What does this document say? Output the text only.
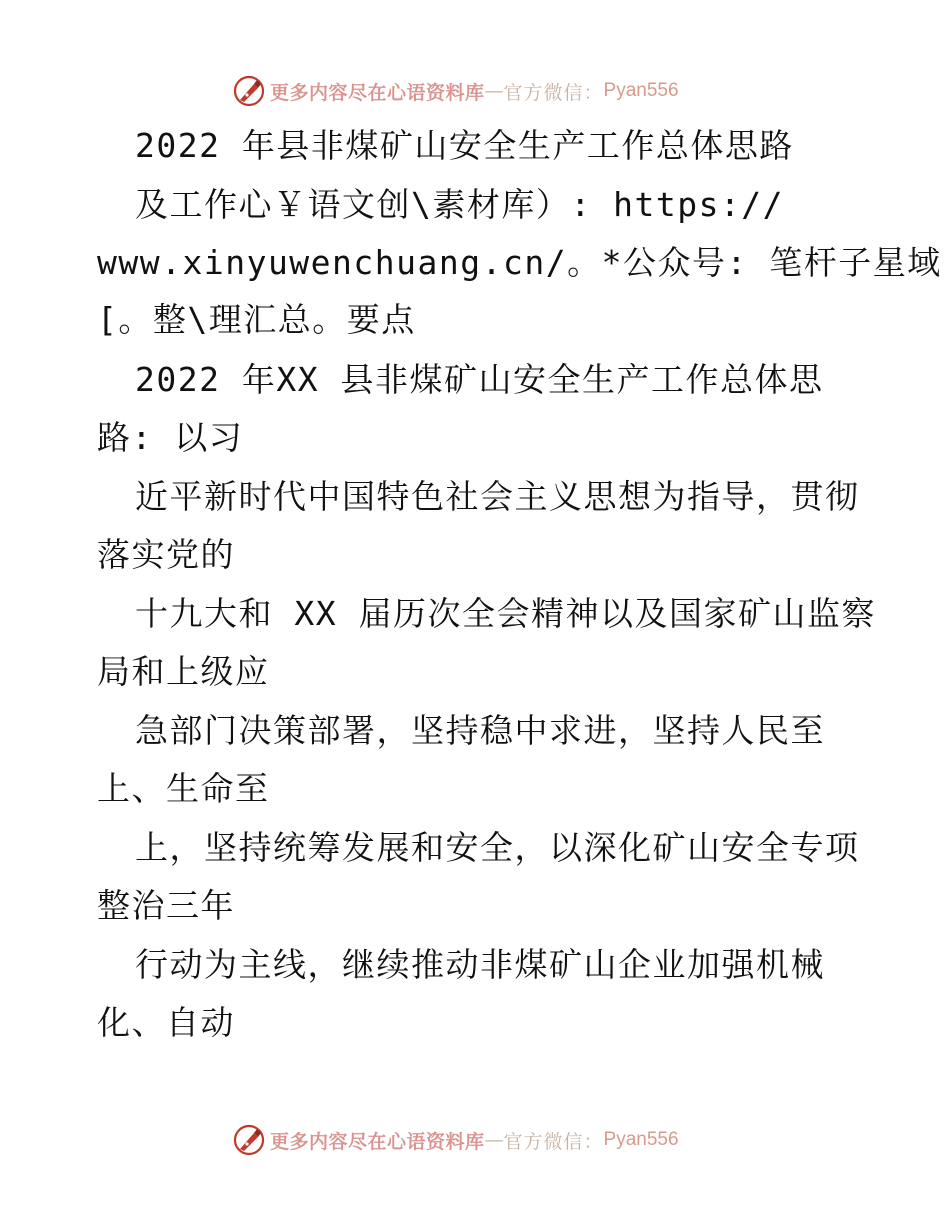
更多内容尽在心语资料库 — 官方微信： Pyan556
2022 年县非煤矿山安全生产工作总体思路
及工作心￥语文创\素材库）: https://
www.xinyuwenchuang.cn/。*公众号: 笔杆子星域
[。整\理汇总。要点
2022 年XX 县非煤矿山安全生产工作总体思
路: 以习
近平新时代中国特色社会主义思想为指导，贯彻
落实党的
十九大和 XX 届历次全会精神以及国家矿山监察
局和上级应
急部门决策部署，坚持稳中求进，坚持人民至
上、生命至
上，坚持统筹发展和安全，以深化矿山安全专项
整治三年
行动为主线，继续推动非煤矿山企业加强机械
化、自动
更多内容尽在心语资料库 — 官方微信： Pyan556
